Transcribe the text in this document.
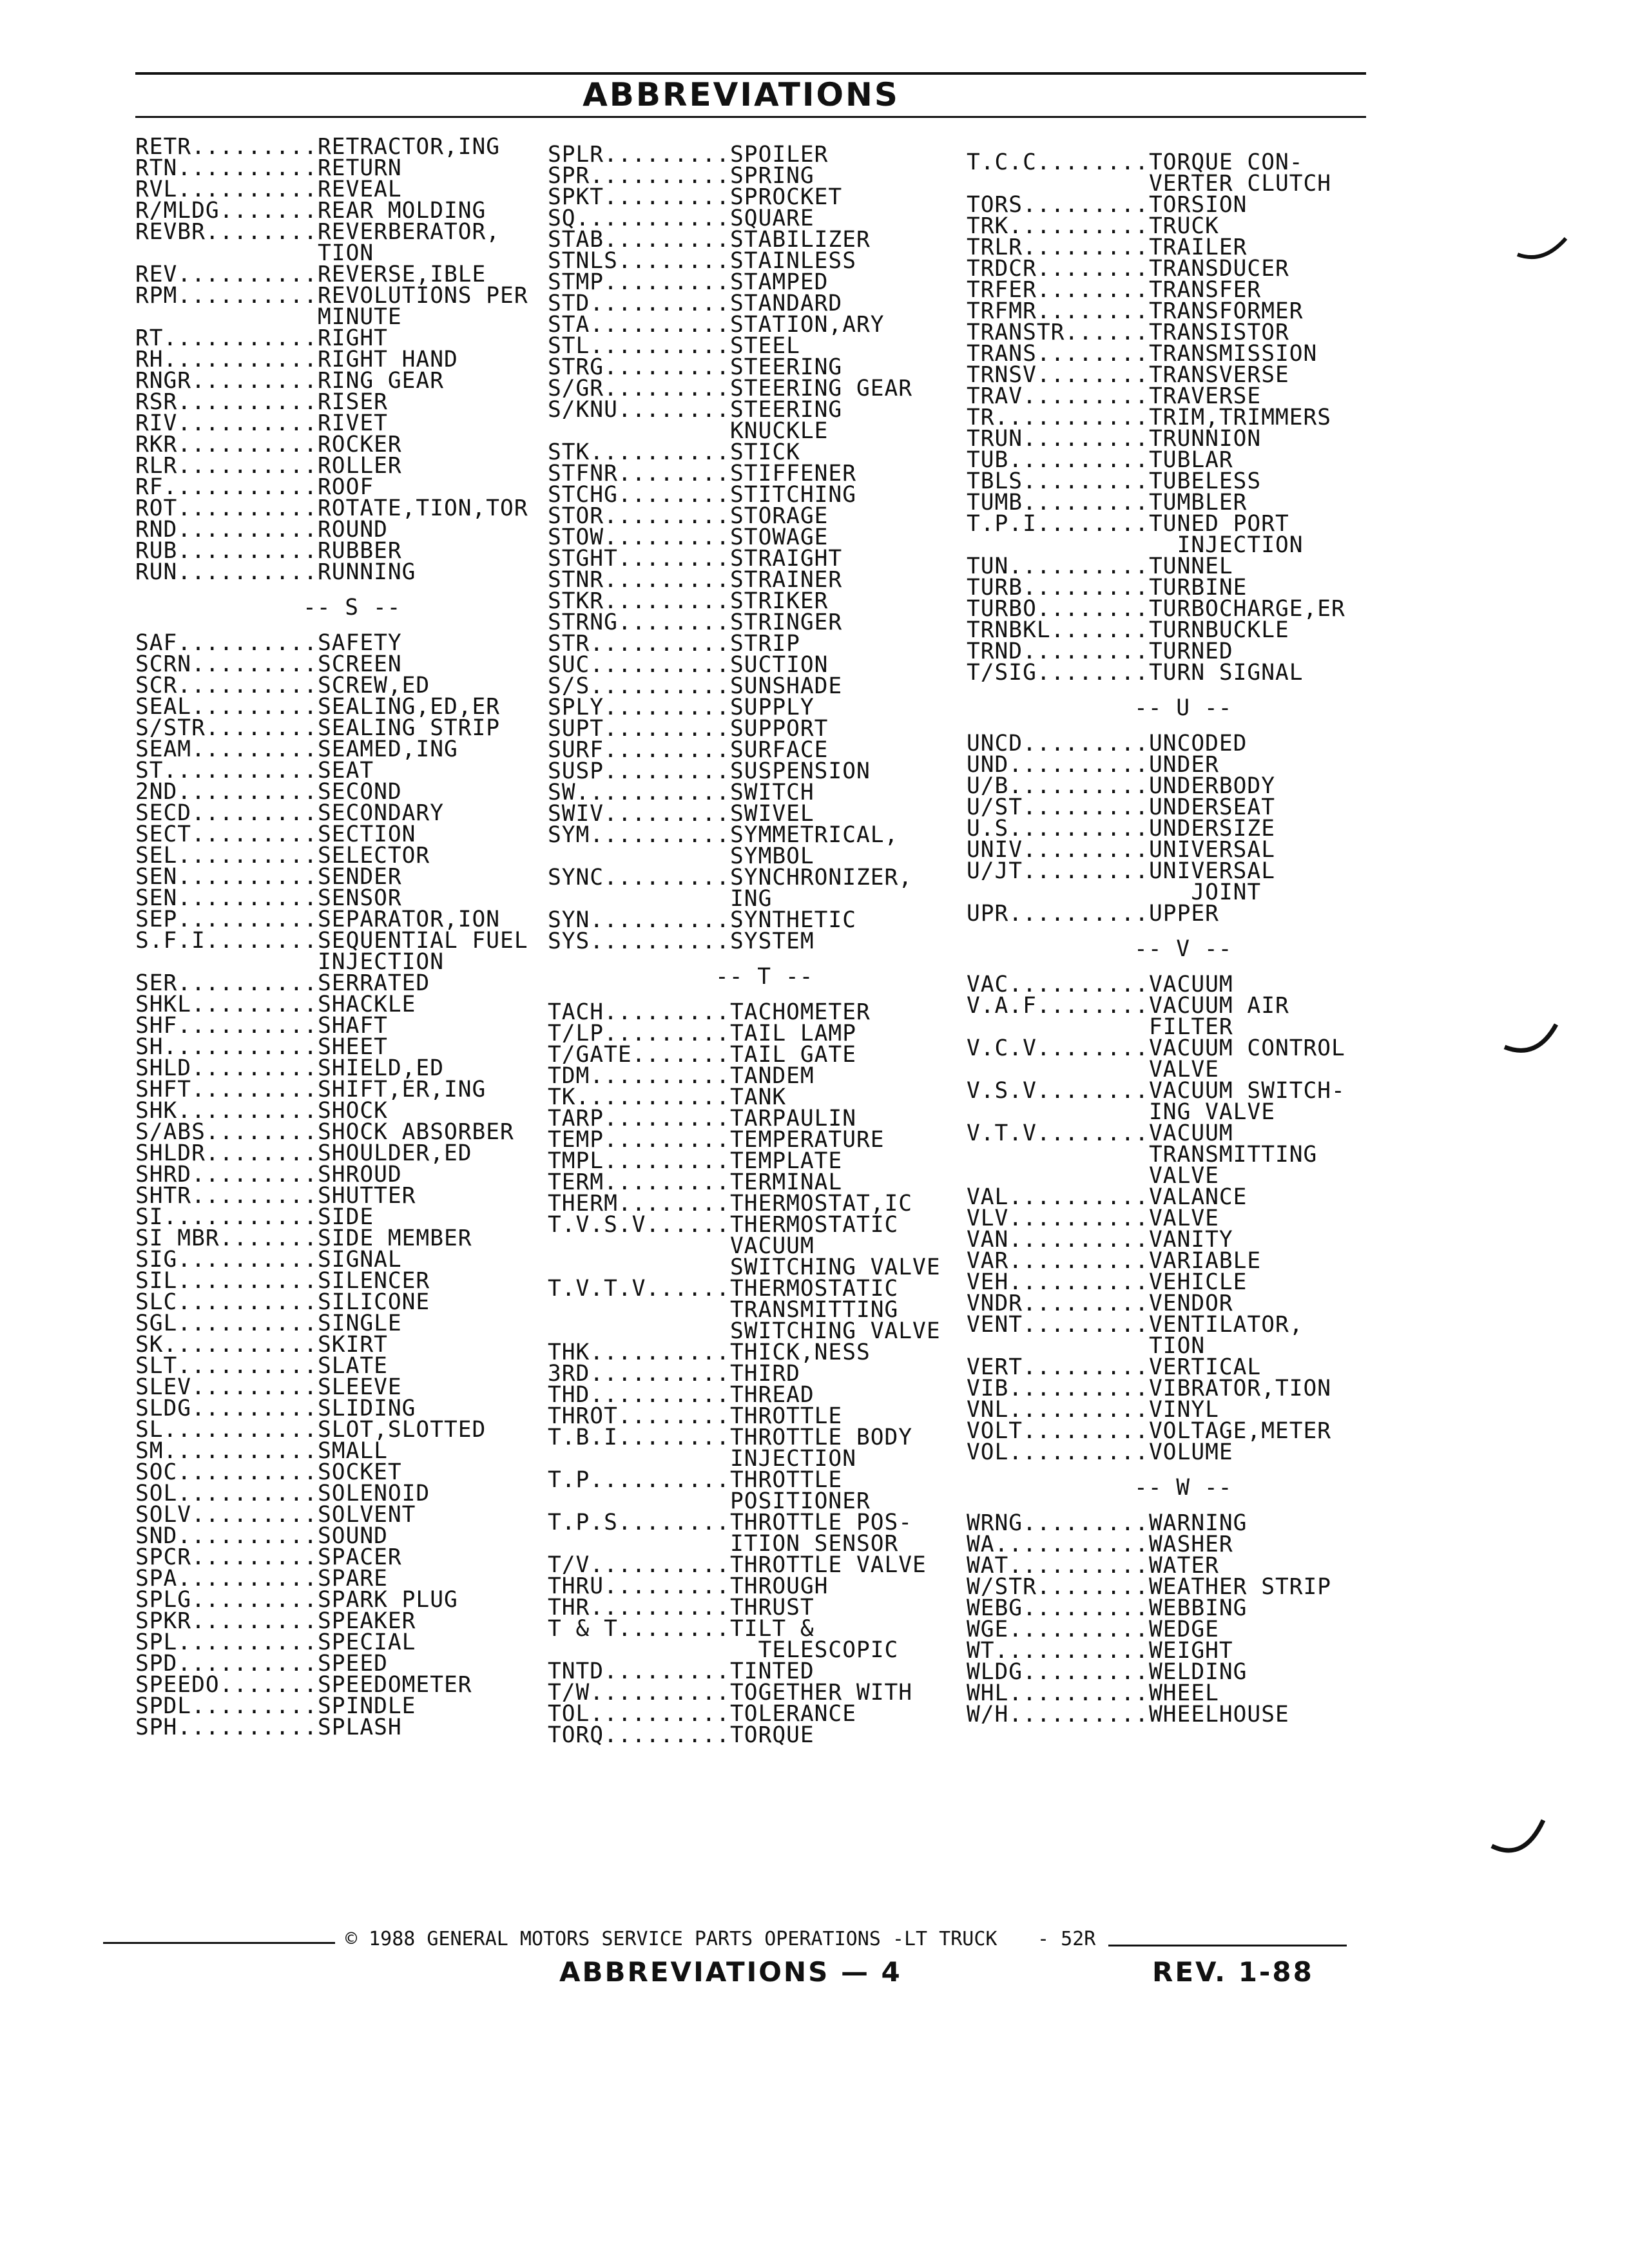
ABBREVIATIONS
RETR.........RETRACTOR,ING
RTN..........RETURN
RVL..........REVEAL
R/MLDG.......REAR MOLDING
REVBR........REVERBERATOR,
TION
REV..........REVERSE,IBLE
RPM..........REVOLUTIONS PER
MINUTE
RT...........RIGHT
RH...........RIGHT HAND
RNGR.........RING GEAR
RSR..........RISER
RIV..........RIVET
RKR..........ROCKER
RLR..........ROLLER
RF...........ROOF
ROT..........ROTATE,TION,TOR
RND..........ROUND
RUB..........RUBBER
RUN..........RUNNING
-- S --
SAF..........SAFETY
SCRN.........SCREEN
SCR..........SCREW,ED
SEAL.........SEALING,ED,ER
S/STR........SEALING STRIP
SEAM.........SEAMED,ING
ST...........SEAT
2ND..........SECOND
SECD.........SECONDARY
SECT.........SECTION
SEL..........SELECTOR
SEN..........SENDER
SEN..........SENSOR
SEP..........SEPARATOR,ION
S.F.I........SEQUENTIAL FUEL
INJECTION
SER..........SERRATED
SHKL.........SHACKLE
SHF..........SHAFT
SH...........SHEET
SHLD.........SHIELD,ED
SHFT.........SHIFT,ER,ING
SHK..........SHOCK
S/ABS........SHOCK ABSORBER
SHLDR........SHOULDER,ED
SHRD.........SHROUD
SHTR.........SHUTTER
SI...........SIDE
SI MBR.......SIDE MEMBER
SIG..........SIGNAL
SIL..........SILENCER
SLC..........SILICONE
SGL..........SINGLE
SK...........SKIRT
SLT..........SLATE
SLEV.........SLEEVE
SLDG.........SLIDING
SL...........SLOT,SLOTTED
SM...........SMALL
SOC..........SOCKET
SOL..........SOLENOID
SOLV.........SOLVENT
SND..........SOUND
SPCR.........SPACER
SPA..........SPARE
SPLG.........SPARK PLUG
SPKR.........SPEAKER
SPL..........SPECIAL
SPD..........SPEED
SPEEDO.......SPEEDOMETER
SPDL.........SPINDLE
SPH..........SPLASH
SPLR.........SPOILER
SPR..........SPRING
SPKT.........SPROCKET
SQ...........SQUARE
STAB.........STABILIZER
STNLS........STAINLESS
STMP.........STAMPED
STD..........STANDARD
STA..........STATION,ARY
STL..........STEEL
STRG.........STEERING
S/GR.........STEERING GEAR
S/KNU........STEERING
KNUCKLE
STK..........STICK
STFNR........STIFFENER
STCHG........STITCHING
STOR.........STORAGE
STOW.........STOWAGE
STGHT........STRAIGHT
STNR.........STRAINER
STKR.........STRIKER
STRNG........STRINGER
STR..........STRIP
SUC..........SUCTION
S/S..........SUNSHADE
SPLY.........SUPPLY
SUPT.........SUPPORT
SURF.........SURFACE
SUSP.........SUSPENSION
SW...........SWITCH
SWIV.........SWIVEL
SYM..........SYMMETRICAL,
SYMBOL
SYNC.........SYNCHRONIZER,
ING
SYN..........SYNTHETIC
SYS..........SYSTEM
-- T --
TACH.........TACHOMETER
T/LP.........TAIL LAMP
T/GATE.......TAIL GATE
TDM..........TANDEM
TK...........TANK
TARP.........TARPAULIN
TEMP.........TEMPERATURE
TMPL.........TEMPLATE
TERM.........TERMINAL
THERM........THERMOSTAT,IC
T.V.S.V......THERMOSTATIC
VACUUM
SWITCHING VALVE
T.V.T.V......THERMOSTATIC
TRANSMITTING
SWITCHING VALVE
THK..........THICK,NESS
3RD..........THIRD
THD..........THREAD
THROT........THROTTLE
T.B.I........THROTTLE BODY
INJECTION
T.P..........THROTTLE
POSITIONER
T.P.S........THROTTLE POS-
ITION SENSOR
T/V..........THROTTLE VALVE
THRU.........THROUGH
THR..........THRUST
T & T........TILT &
TELESCOPIC
TNTD.........TINTED
T/W..........TOGETHER WITH
TOL..........TOLERANCE
TORQ.........TORQUE
T.C.C........TORQUE CON-
VERTER CLUTCH
TORS.........TORSION
TRK..........TRUCK
TRLR.........TRAILER
TRDCR........TRANSDUCER
TRFER........TRANSFER
TRFMR........TRANSFORMER
TRANSTR......TRANSISTOR
TRANS........TRANSMISSION
TRNSV........TRANSVERSE
TRAV.........TRAVERSE
TR...........TRIM,TRIMMERS
TRUN.........TRUNNION
TUB..........TUBLAR
TBLS.........TUBELESS
TUMB.........TUMBLER
T.P.I........TUNED PORT
INJECTION
TUN..........TUNNEL
TURB.........TURBINE
TURBO........TURBOCHARGE,ER
TRNBKL.......TURNBUCKLE
TRND.........TURNED
T/SIG........TURN SIGNAL
-- U --
UNCD.........UNCODED
UND..........UNDER
U/B..........UNDERBODY
U/ST.........UNDERSEAT
U.S..........UNDERSIZE
UNIV.........UNIVERSAL
U/JT.........UNIVERSAL
JOINT
UPR..........UPPER
-- V --
VAC..........VACUUM
V.A.F........VACUUM AIR
FILTER
V.C.V........VACUUM CONTROL
VALVE
V.S.V........VACUUM SWITCH-
ING VALVE
V.T.V........VACUUM
TRANSMITTING
VALVE
VAL..........VALANCE
VLV..........VALVE
VAN..........VANITY
VAR..........VARIABLE
VEH..........VEHICLE
VNDR.........VENDOR
VENT.........VENTILATOR,
TION
VERT.........VERTICAL
VIB..........VIBRATOR,TION
VNL..........VINYL
VOLT.........VOLTAGE,METER
VOL..........VOLUME
-- W --
WRNG.........WARNING
WA...........WASHER
WAT..........WATER
W/STR........WEATHER STRIP
WEBG.........WEBBING
WGE..........WEDGE
WT...........WEIGHT
WLDG.........WELDING
WHL..........WHEEL
W/H..........WHEELHOUSE
© 1988 GENERAL MOTORS SERVICE PARTS OPERATIONS -LT TRUCK - 52R
ABBREVIATIONS — 4	REV. 1-88
